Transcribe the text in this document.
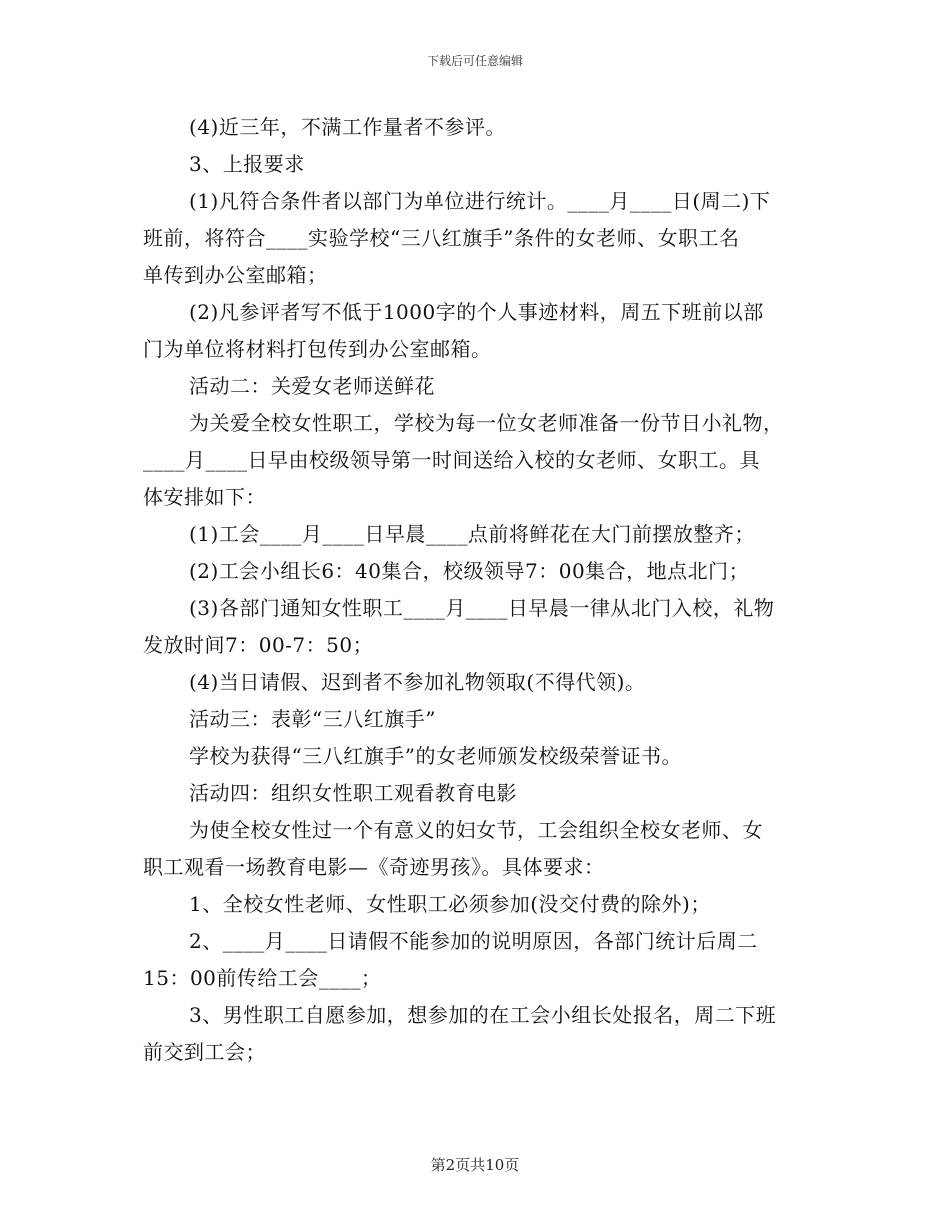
下载后可任意编辑
(4)近三年，不满工作量者不参评。
3、上报要求
(1)凡符合条件者以部门为单位进行统计。____月____日(周二)下
班前，将符合____实验学校“三八红旗手”条件的女老师、女职工名
单传到办公室邮箱；
(2)凡参评者写不低于1000字的个人事迹材料，周五下班前以部
门为单位将材料打包传到办公室邮箱。
活动二：关爱女老师送鲜花
为关爱全校女性职工，学校为每一位女老师准备一份节日小礼物，
____月____日早由校级领导第一时间送给入校的女老师、女职工。具
体安排如下：
(1)工会____月____日早晨____点前将鲜花在大门前摆放整齐；
(2)工会小组长6：40集合，校级领导7：00集合，地点北门；
(3)各部门通知女性职工____月____日早晨一律从北门入校，礼物
发放时间7：00-7：50；
(4)当日请假、迟到者不参加礼物领取(不得代领)。
活动三：表彰“三八红旗手”
学校为获得“三八红旗手”的女老师颁发校级荣誉证书。
活动四：组织女性职工观看教育电影
为使全校女性过一个有意义的妇女节，工会组织全校女老师、女
职工观看一场教育电影—《奇迹男孩》。具体要求：
1、全校女性老师、女性职工必须参加(没交付费的除外)；
2、____月____日请假不能参加的说明原因，各部门统计后周二
15：00前传给工会____；
3、男性职工自愿参加，想参加的在工会小组长处报名，周二下班
前交到工会；
第2页共10页
